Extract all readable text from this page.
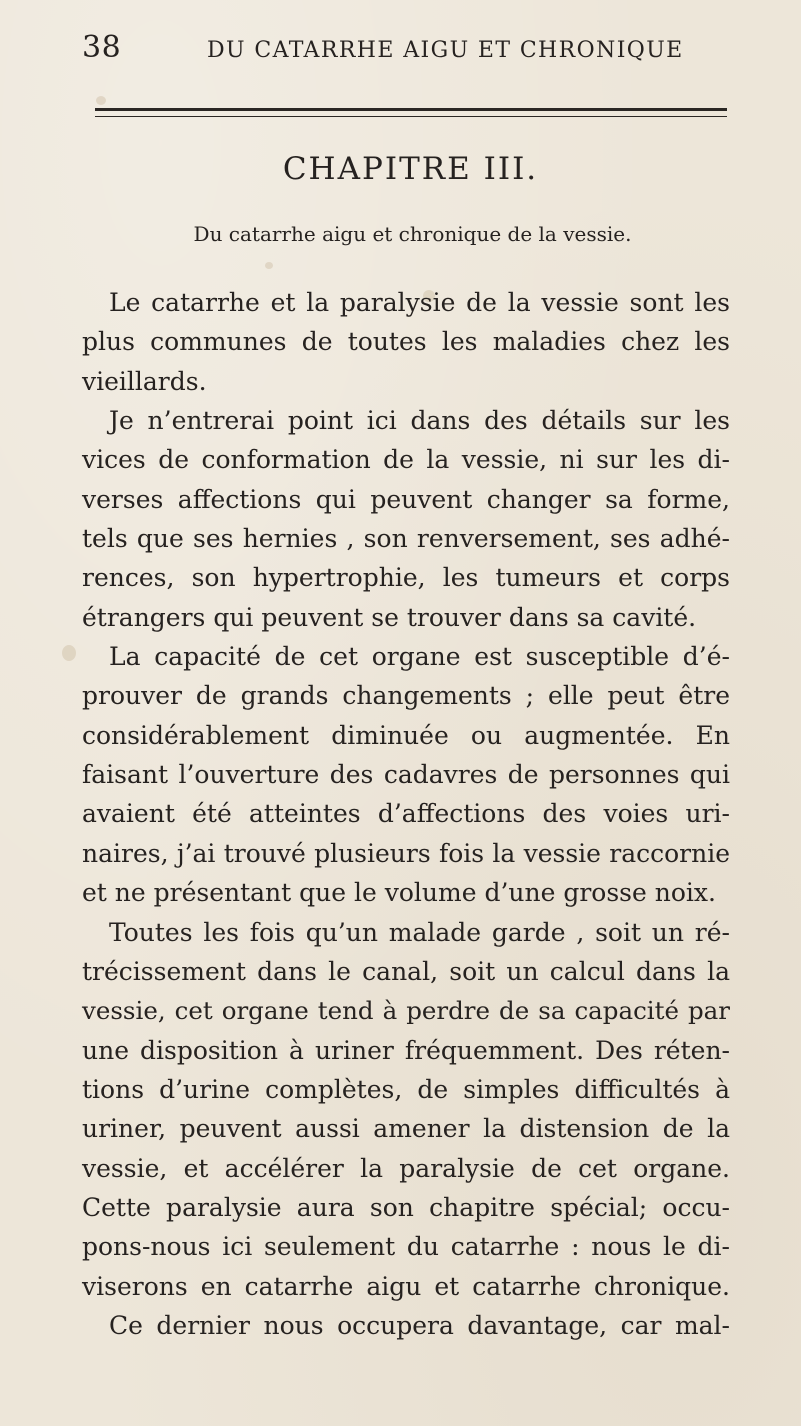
38	DU CATARRHE AIGU ET CHRONIQUE
CHAPITRE III.
Du catarrhe aigu et chronique de la vessie.
Le catarrhe et la paralysie de la vessie sont les
plus communes de toutes les maladies chez les
vieillards.
Je n’entrerai point ici dans des détails sur les
vices de conformation de la vessie, ni sur les di-
verses affections qui peuvent changer sa forme,
tels que ses hernies , son renversement, ses adhé-
rences, son hypertrophie, les tumeurs et corps
étrangers qui peuvent se trouver dans sa cavité.
La capacité de cet organe est susceptible d’é-
prouver de grands changements ; elle peut être
considérablement diminuée ou augmentée. En
faisant l’ouverture des cadavres de personnes qui
avaient été atteintes d’affections des voies uri-
naires, j’ai trouvé plusieurs fois la vessie raccornie
et ne présentant que le volume d’une grosse noix.
Toutes les fois qu’un malade garde , soit un ré-
trécissement dans le canal, soit un calcul dans la
vessie, cet organe tend à perdre de sa capacité par
une disposition à uriner fréquemment. Des réten-
tions d’urine complètes, de simples difficultés à
uriner, peuvent aussi amener la distension de la
vessie, et accélérer la paralysie de cet organe.
Cette paralysie aura son chapitre spécial; occu-
pons-nous ici seulement du catarrhe : nous le di-
viserons en catarrhe aigu et catarrhe chronique.
Ce dernier nous occupera davantage, car mal-
